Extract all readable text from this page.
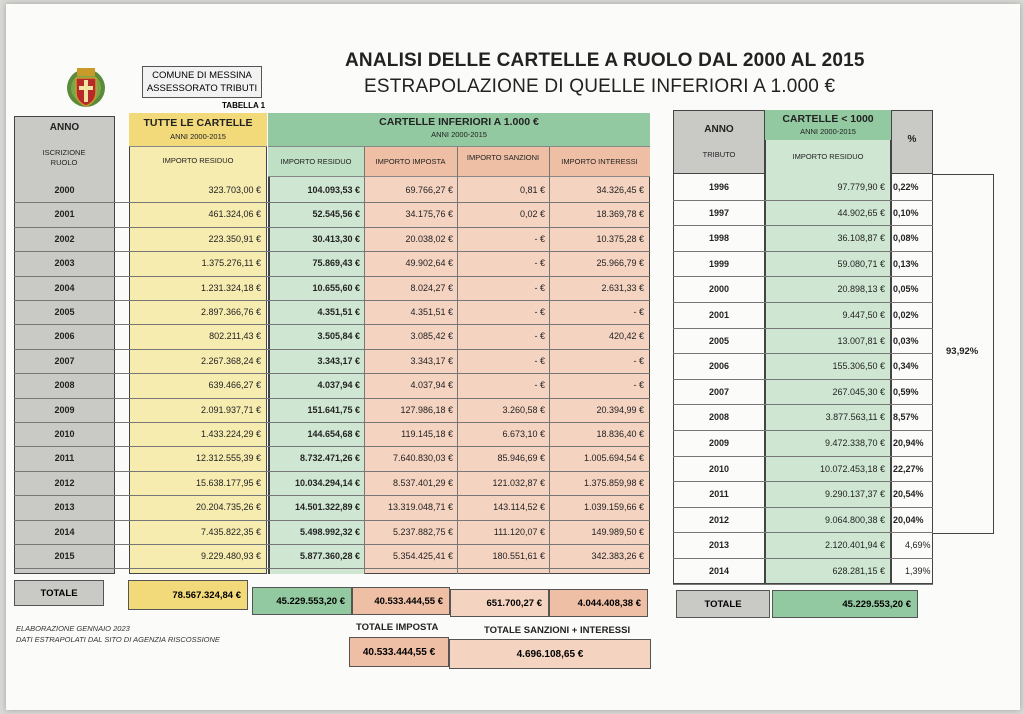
COMUNE DI MESSINA
ASSESSORATO TRIBUTI
TABELLA 1
ANALISI DELLE CARTELLE A RUOLO DAL 2000 AL 2015
ESTRAPOLAZIONE DI QUELLE INFERIORI A 1.000 €
ANNO
ISCRIZIONE RUOLO
TUTTE LE CARTELLE
ANNI 2000-2015
IMPORTO RESIDUO
CARTELLE INFERIORI A 1.000 €
ANNI 2000-2015
IMPORTO RESIDUO	IMPORTO IMPOSTA	IMPORTO SANZIONI	IMPORTO INTERESSI
2000	323.703,00 €	104.093,53 €	69.766,27 €	0,81 €	34.326,45 €
2001	461.324,06 €	52.545,56 €	34.175,76 €	0,02 €	18.369,78 €
2002	223.350,91 €	30.413,30 €	20.038,02 €	- €	10.375,28 €
2003	1.375.276,11 €	75.869,43 €	49.902,64 €	- €	25.966,79 €
2004	1.231.324,18 €	10.655,60 €	8.024,27 €	- €	2.631,33 €
2005	2.897.366,76 €	4.351,51 €	4.351,51 €	- €	- €
2006	802.211,43 €	3.505,84 €	3.085,42 €	- €	420,42 €
2007	2.267.368,24 €	3.343,17 €	3.343,17 €	- €	- €
2008	639.466,27 €	4.037,94 €	4.037,94 €	- €	- €
2009	2.091.937,71 €	151.641,75 €	127.986,18 €	3.260,58 €	20.394,99 €
2010	1.433.224,29 €	144.654,68 €	119.145,18 €	6.673,10 €	18.836,40 €
2011	12.312.555,39 €	8.732.471,26 €	7.640.830,03 €	85.946,69 €	1.005.694,54 €
2012	15.638.177,95 €	10.034.294,14 €	8.537.401,29 €	121.032,87 €	1.375.859,98 €
2013	20.204.735,26 €	14.501.322,89 €	13.319.048,71 €	143.114,52 €	1.039.159,66 €
2014	7.435.822,35 €	5.498.992,32 €	5.237.882,75 €	111.120,07 €	149.989,50 €
2015	9.229.480,93 €	5.877.360,28 €	5.354.425,41 €	180.551,61 €	342.383,26 €
TOTALE	78.567.324,84 €
45.229.553,20 €	40.533.444,55 €	651.700,27 €	4.044.408,38 €
ANNO
TRIBUTO
CARTELLE < 1000
ANNI 2000-2015
IMPORTO RESIDUO
%
1996	97.779,90 € 0,22%
1997	44.902,65 € 0,10%
1998	36.108,87 € 0,08%
1999	59.080,71 € 0,13%
2000	20.898,13 € 0,05%
2001	9.447,50 € 0,02%
2005	13.007,81 € 0,03%
2006	155.306,50 € 0,34%
2007	267.045,30 € 0,59%
2008	3.877.563,11 € 8,57%
2009	9.472.338,70 € 20,94%
2010	10.072.453,18 € 22,27%
2011	9.290.137,37 € 20,54%
2012	9.064.800,38 € 20,04%
2013	2.120.401,94 €	4,69%
2014	628.281,15 €	1,39%
93,92%
TOTALE	45.229.553,20 €
ELABORAZIONE GENNAIO 2023
DATI ESTRAPOLATI DAL SITO DI AGENZIA RISCOSSIONE
TOTALE IMPOSTA	TOTALE SANZIONI + INTERESSI
40.533.444,55 €	4.696.108,65 €
